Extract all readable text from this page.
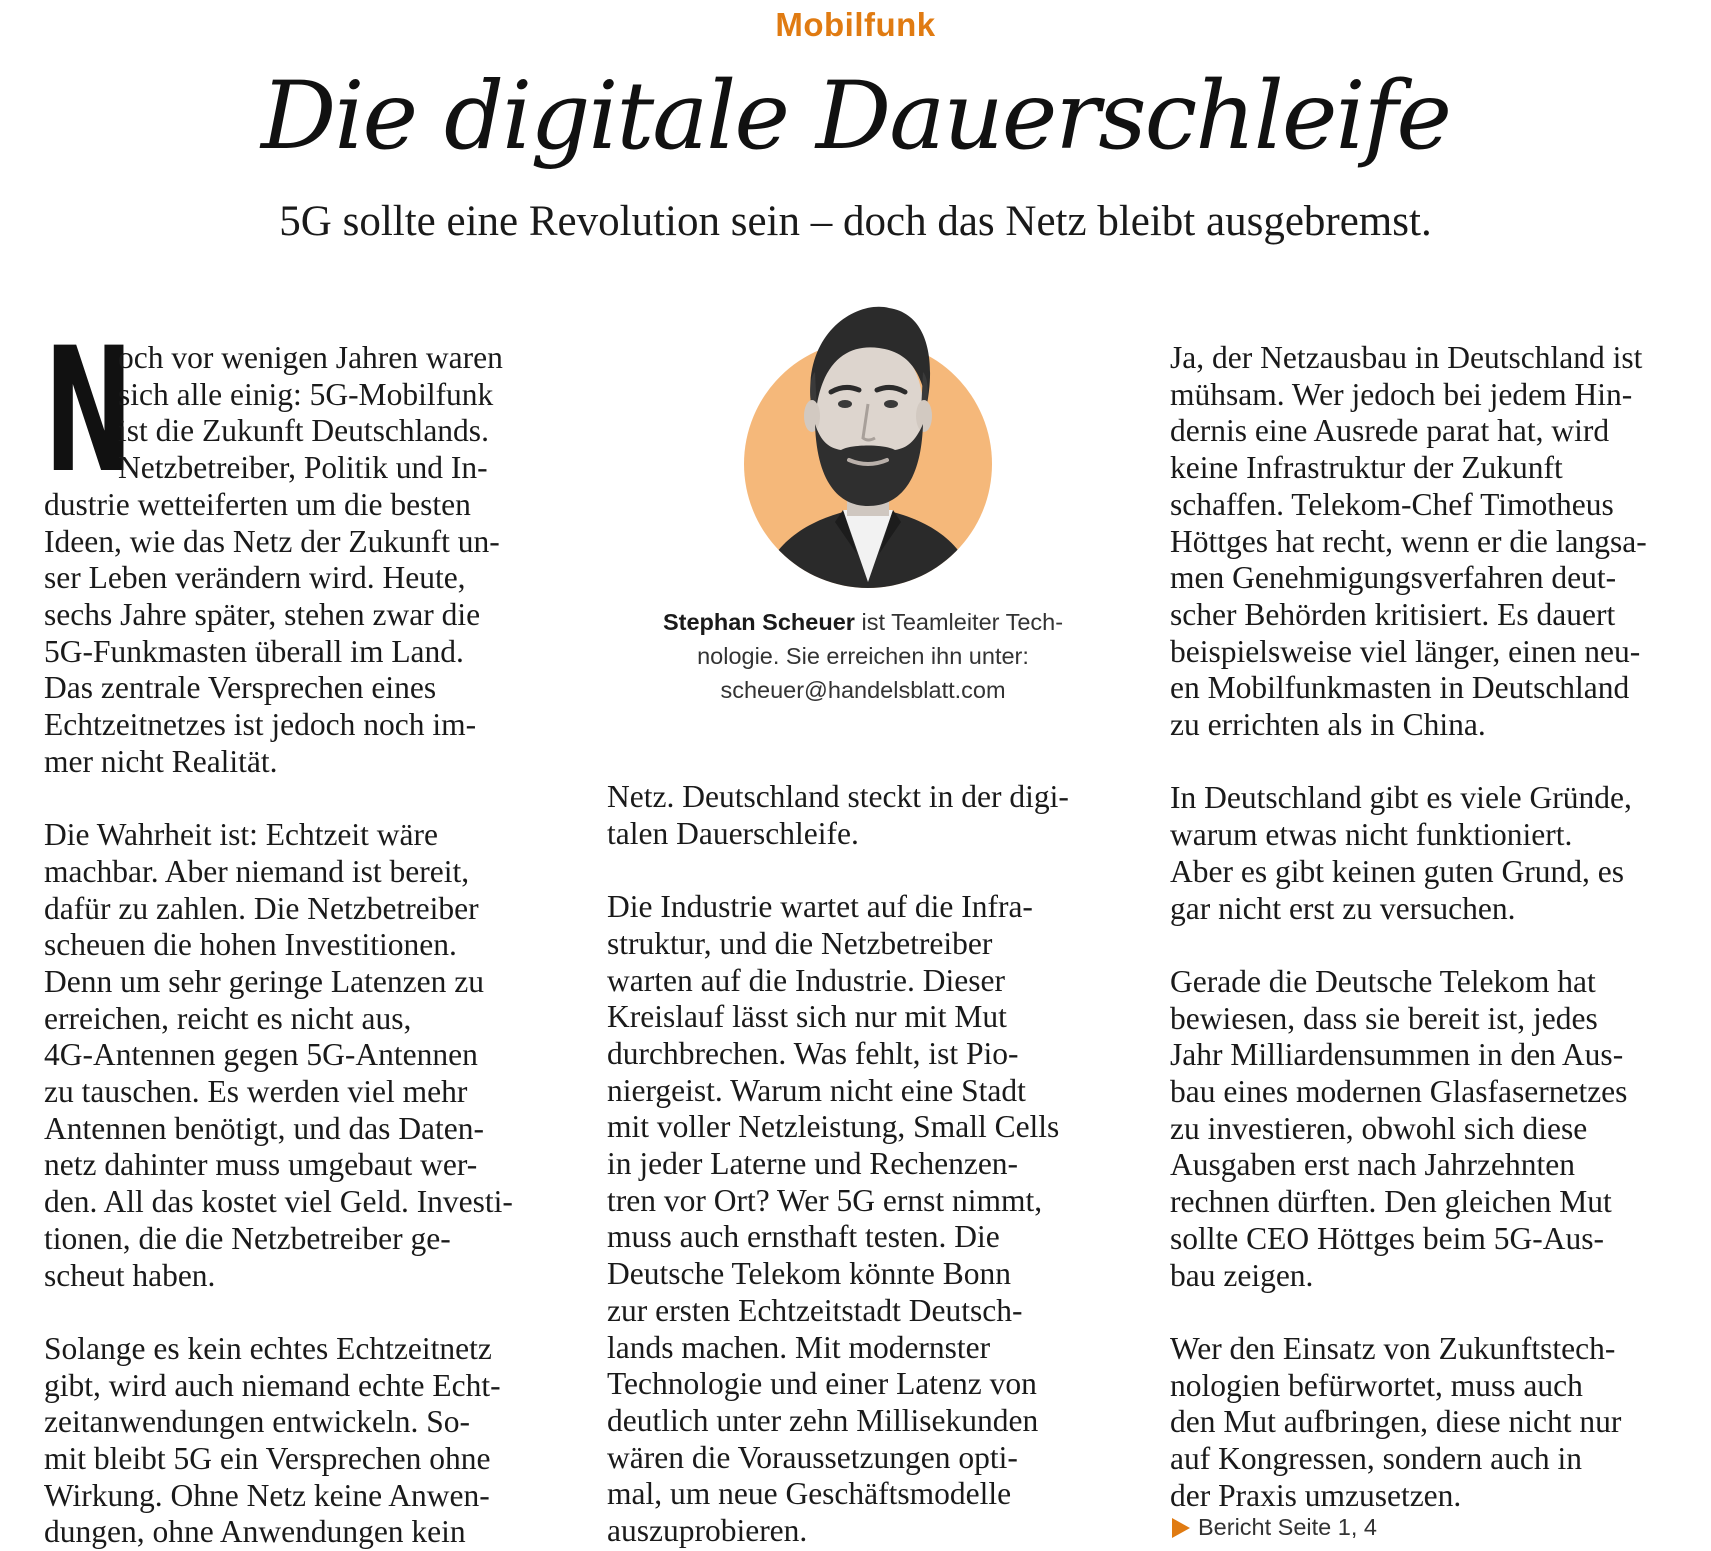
Mobilfunk
Die digitale Dauerschleife
5G sollte eine Revolution sein – doch das Netz bleibt ausgebremst.
N
och vor wenigen Jahren waren
sich alle einig: 5G-Mobilfunk
ist die Zukunft Deutschlands.
Netzbetreiber, Politik und In-
dustrie wetteiferten um die besten
Ideen, wie das Netz der Zukunft un-
ser Leben verändern wird. Heute,
sechs Jahre später, stehen zwar die
5G-Funkmasten überall im Land.
Das zentrale Versprechen eines
Echtzeitnetzes ist jedoch noch im-
mer nicht Realität.
Die Wahrheit ist: Echtzeit wäre
machbar. Aber niemand ist bereit,
dafür zu zahlen. Die Netzbetreiber
scheuen die hohen Investitionen.
Denn um sehr geringe Latenzen zu
erreichen, reicht es nicht aus,
4G-Antennen gegen 5G-Antennen
zu tauschen. Es werden viel mehr
Antennen benötigt, und das Daten-
netz dahinter muss umgebaut wer-
den. All das kostet viel Geld. Investi-
tionen, die die Netzbetreiber ge-
scheut haben.
Solange es kein echtes Echtzeitnetz
gibt, wird auch niemand echte Echt-
zeitanwendungen entwickeln. So-
mit bleibt 5G ein Versprechen ohne
Wirkung. Ohne Netz keine Anwen-
dungen, ohne Anwendungen kein
Stephan Scheuer ist Teamleiter Tech-
nologie. Sie erreichen ihn unter:
scheuer@handelsblatt.com
Netz. Deutschland steckt in der digi-
talen Dauerschleife.
Die Industrie wartet auf die Infra-
struktur, und die Netzbetreiber
warten auf die Industrie. Dieser
Kreislauf lässt sich nur mit Mut
durchbrechen. Was fehlt, ist Pio-
niergeist. Warum nicht eine Stadt
mit voller Netzleistung, Small Cells
in jeder Laterne und Rechenzen-
tren vor Ort? Wer 5G ernst nimmt,
muss auch ernsthaft testen. Die
Deutsche Telekom könnte Bonn
zur ersten Echtzeitstadt Deutsch-
lands machen. Mit modernster
Technologie und einer Latenz von
deutlich unter zehn Millisekunden
wären die Voraussetzungen opti-
mal, um neue Geschäftsmodelle
auszuprobieren.
Ja, der Netzausbau in Deutschland ist
mühsam. Wer jedoch bei jedem Hin-
dernis eine Ausrede parat hat, wird
keine Infrastruktur der Zukunft
schaffen. Telekom-Chef Timotheus
Höttges hat recht, wenn er die langsa-
men Genehmigungsverfahren deut-
scher Behörden kritisiert. Es dauert
beispielsweise viel länger, einen neu-
en Mobilfunkmasten in Deutschland
zu errichten als in China.
In Deutschland gibt es viele Gründe,
warum etwas nicht funktioniert.
Aber es gibt keinen guten Grund, es
gar nicht erst zu versuchen.
Gerade die Deutsche Telekom hat
bewiesen, dass sie bereit ist, jedes
Jahr Milliardensummen in den Aus-
bau eines modernen Glasfasernetzes
zu investieren, obwohl sich diese
Ausgaben erst nach Jahrzehnten
rechnen dürften. Den gleichen Mut
sollte CEO Höttges beim 5G-Aus-
bau zeigen.
Wer den Einsatz von Zukunftstech-
nologien befürwortet, muss auch
den Mut aufbringen, diese nicht nur
auf Kongressen, sondern auch in
der Praxis umzusetzen.
Bericht Seite 1, 4
